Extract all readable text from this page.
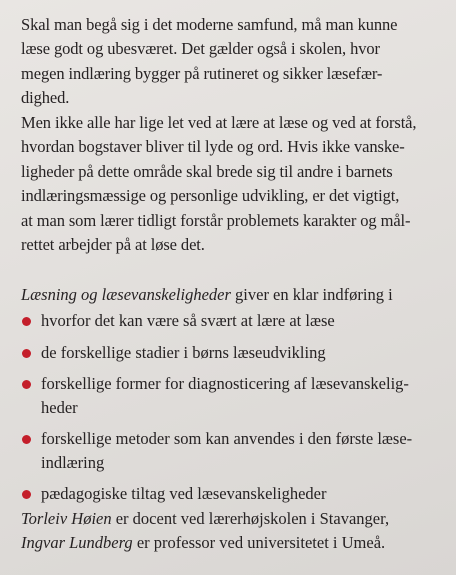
Skal man begå sig i det moderne samfund, må man kunne
læse godt og ubesværet. Det gælder også i skolen, hvor
megen indlæring bygger på rutineret og sikker læsefær-
dighed.

Men ikke alle har lige let ved at lære at læse og ved at forstå,
hvordan bogstaver bliver til lyde og ord. Hvis ikke vanske-
ligheder på dette område skal brede sig til andre i barnets
indlæringsmæssige og personlige udvikling, er det vigtigt,
at man som lærer tidligt forstår problemets karakter og mål-
rettet arbejder på at løse det.

Læsning og læsevanskeligheder giver en klar indføring i
hvorfor det kan være så svært at lære at læse
de forskellige stadier i børns læseudvikling
forskellige former for diagnosticering af læsevanskelig-
heder
forskellige metoder som kan anvendes i den første læse-
indlæring
pædagogiske tiltag ved læsevanskeligheder
Torleiv Høien er docent ved lærerhøjskolen i Stavanger,
Ingvar Lundberg er professor ved universitetet i Umeå.
